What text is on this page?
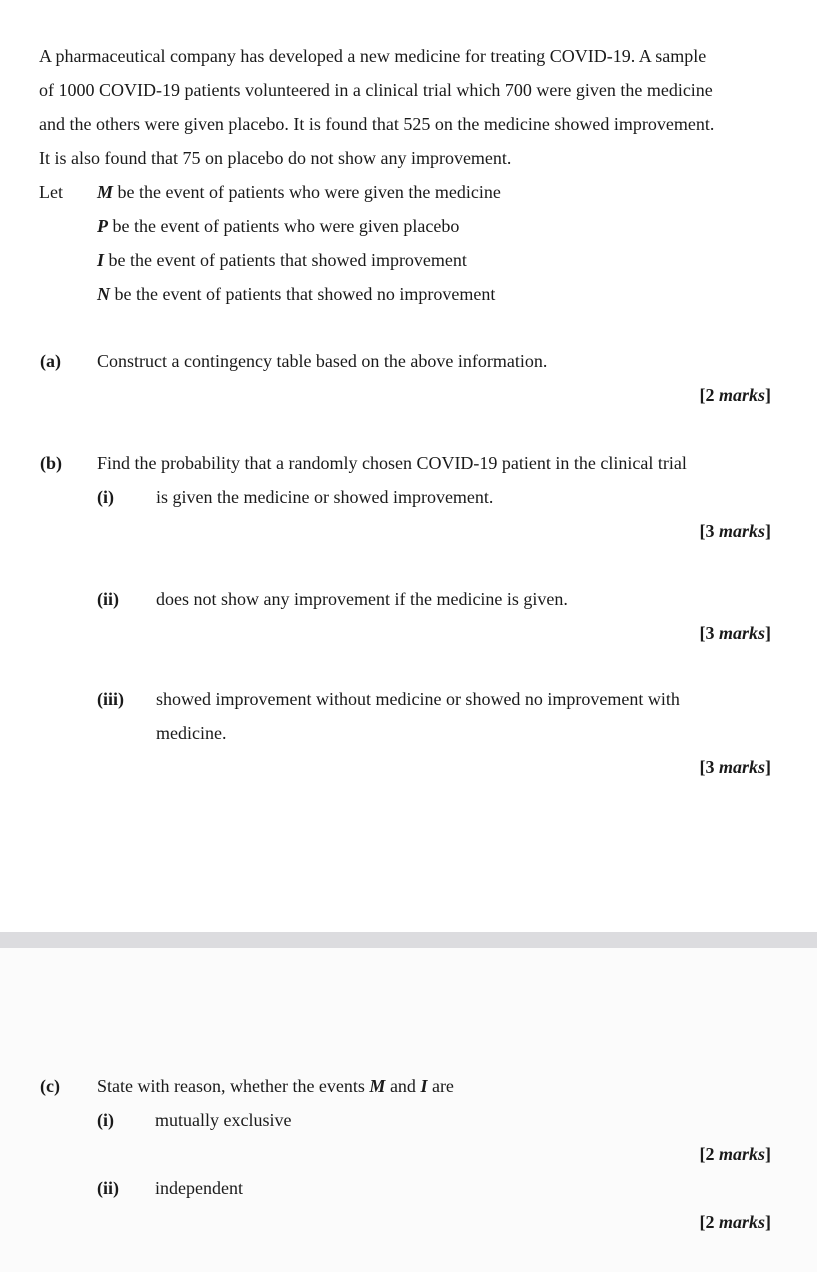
A pharmaceutical company has developed a new medicine for treating COVID-19. A sample
of 1000 COVID-19 patients volunteered in a clinical trial which 700 were given the medicine
and the others were given placebo. It is found that 525 on the medicine showed improvement.
It is also found that 75 on placebo do not show any improvement.
Let M be the event of patients who were given the medicine
P be the event of patients who were given placebo
I be the event of patients that showed improvement
N be the event of patients that showed no improvement
(a) Construct a contingency table based on the above information.
[2 marks]
(b) Find the probability that a randomly chosen COVID-19 patient in the clinical trial
(i) is given the medicine or showed improvement.
[3 marks]
(ii) does not show any improvement if the medicine is given.
[3 marks]
(iii) showed improvement without medicine or showed no improvement with
medicine.
[3 marks]
(c) State with reason, whether the events M and I are
(i) mutually exclusive
[2 marks]
(ii) independent
[2 marks]
